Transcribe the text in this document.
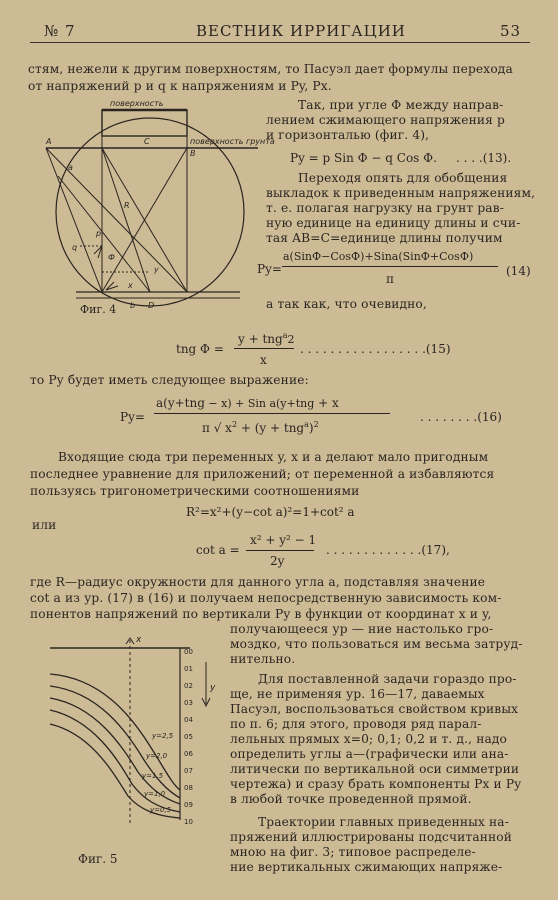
№ 7	ВЕСТНИК ИРРИГАЦИИ	53
стям, нежели к другим поверхностям, то Пасуэл дает формулы перехода
от напряжений p и q к напряжениям и Py, Px.
поверхность
поверхность грунта
A
B
C
R
a
q
Ф
p
y
x
b D
Фиг. 4
Так, при угле Ф между направ-
лением сжимающего напряжения p
и горизонталью (фиг. 4),
Py = p Sin Ф − q Cos Ф. . . . .(13).
Переходя опять для обобщения
выкладок к приведенным напряжениям,
т. е. полагая нагрузку на грунт рав-
ную единице на единицу длины и счи-
тая AB=C=единице длины получим
Py=
a(SinФ−CosФ)+Sina(SinФ+CosФ)
π
(14)
а так как, что очевидно,
tng Ф =
y + tng$^a$2
x
. . . . . . . . . . . . . . . . .(15)
то Py будет иметь следующее выражение:
Py=
a(y+tng − x) + Sin a(y+tng + x
π √ $x^2 + (y + tng^a)^2$
. . . . . . . .(16)
Входящие сюда три переменных y, x и a делают мало пригодным
последнее уравнение для приложений; от переменной a избавляются
пользуясь тригонометрическими соотношениями
R²=x²+(y−cot a)²=1+cot² a
или
cot a =
x² + y² − 1
2y
. . . . . . . . . . . . .(17),
где R—радиус окружности для данного угла a, подставляя значение
cot a из ур. (17) в (16) и получаем непосредственную зависимость ком-
понентов напряжений по вертикали Py в функции от координат x и y,
получающееся ур — ние настолько гро-
моздко, что пользоваться им весьма затруд-
нительно.
Для поставленной задачи гораздо про-
ще, не применяя ур. 16—17, даваемых
Пасуэл, воспользоваться свойством кривых
по п. 6; для этого, проводя ряд парал-
лельных прямых x=0; 0,1; 0,2 и т. д., надо
определить углы a—(графически или ана-
литически по вертикальной оси симметрии
чертежа) и сразу брать компоненты Px и Py
в любой точке проведенной прямой.
Траектории главных приведенных на-
пряжений иллюстрированы подсчитанной
мною на фиг. 3; типовое распределе-
ние вертикальных сжимающих напряже-
x
y
00
01
02
03
04
05
06
07
08
09
10
y=2,5
y=2,0
y=1,5
y=1,0
y=0,5
Фиг. 5
